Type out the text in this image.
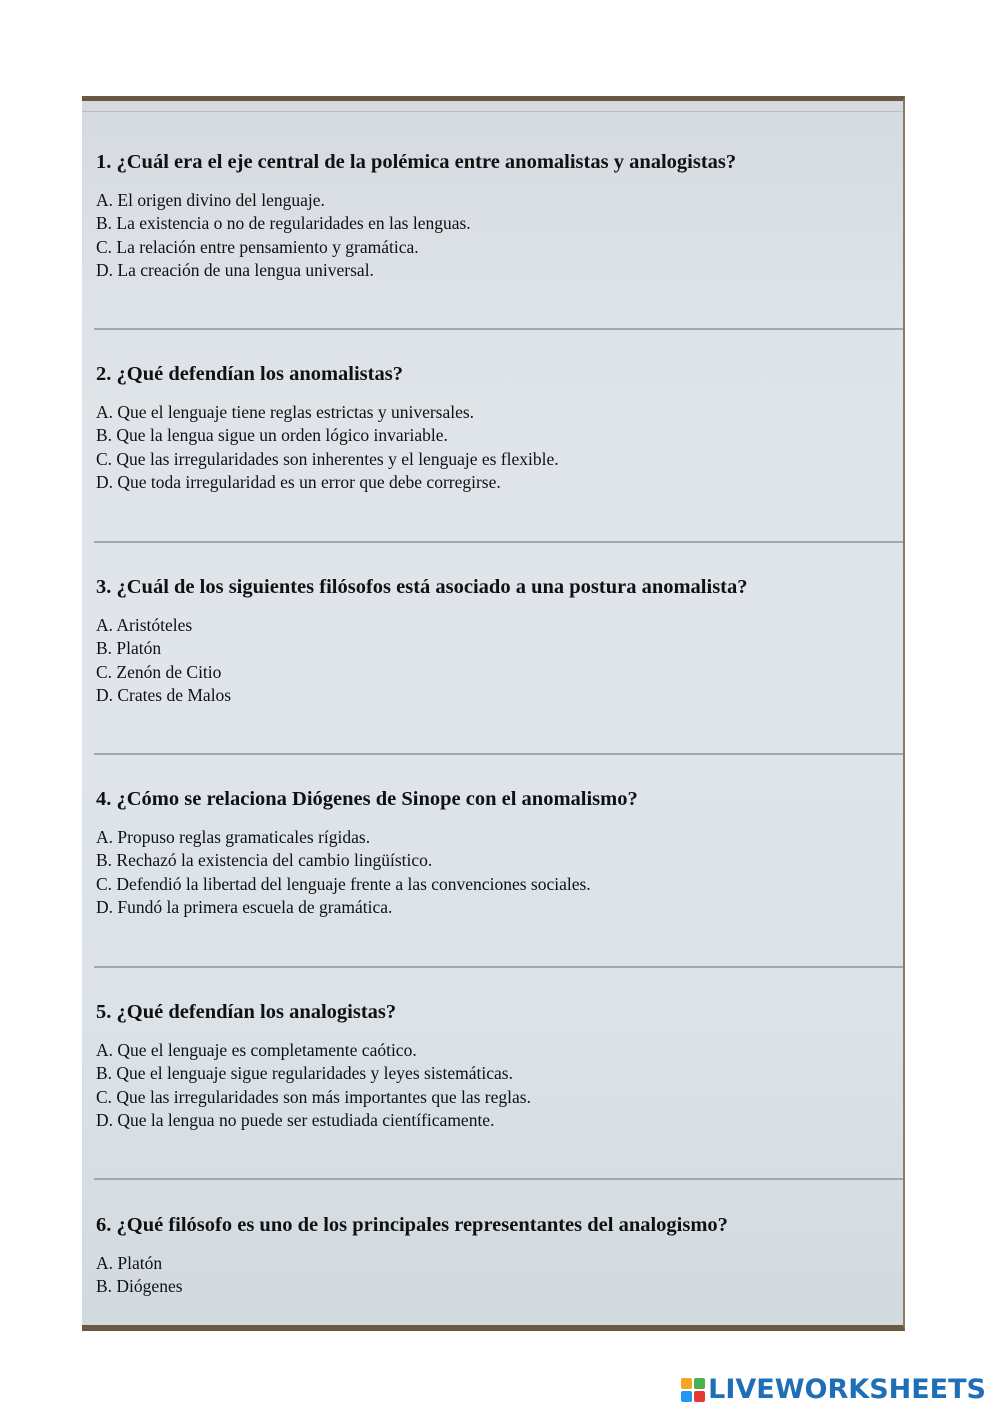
1. ¿Cuál era el eje central de la polémica entre anomalistas y analogistas?

A. El origen divino del lenguaje.

B. La existencia o no de regularidades en las lenguas.

C. La relación entre pensamiento y gramática.

D. La creación de una lengua universal.

2. ¿Qué defendían los anomalistas?

A. Que el lenguaje tiene reglas estrictas y universales.

B. Que la lengua sigue un orden lógico invariable.

C. Que las irregularidades son inherentes y el lenguaje es flexible.

D. Que toda irregularidad es un error que debe corregirse.

3. ¿Cuál de los siguientes filósofos está asociado a una postura anomalista?

A. Aristóteles

B. Platón

C. Zenón de Citio

D. Crates de Malos

4. ¿Cómo se relaciona Diógenes de Sinope con el anomalismo?

A. Propuso reglas gramaticales rígidas.

B. Rechazó la existencia del cambio lingüístico.

C. Defendió la libertad del lenguaje frente a las convenciones sociales.

D. Fundó la primera escuela de gramática.

5. ¿Qué defendían los analogistas?

A. Que el lenguaje es completamente caótico.

B. Que el lenguaje sigue regularidades y leyes sistemáticas.

C. Que las irregularidades son más importantes que las reglas.

D. Que la lengua no puede ser estudiada científicamente.

6. ¿Qué filósofo es uno de los principales representantes del analogismo?

A. Platón

B. Diógenes

LIVEWORKSHEETS
